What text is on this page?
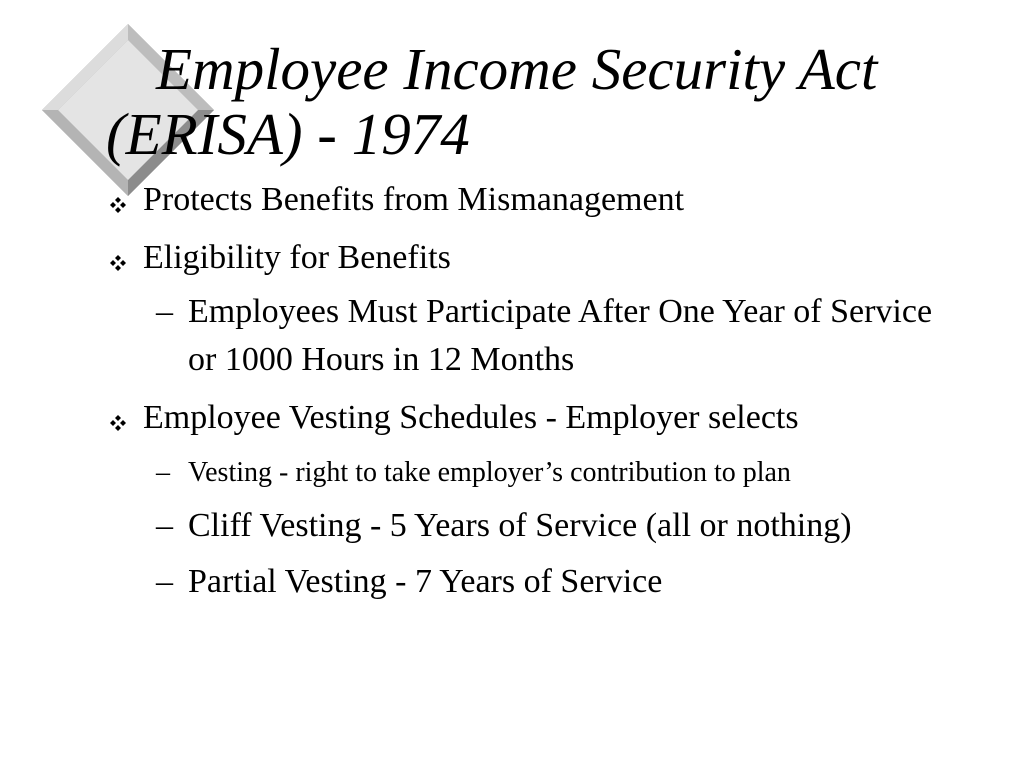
Employee Income Security Act (ERISA) - 1974
Protects Benefits from Mismanagement
Eligibility for Benefits
– Employees Must Participate After One Year of Service or 1000 Hours in 12 Months
Employee Vesting Schedules - Employer selects
– Vesting - right to take employer’s contribution to plan
– Cliff Vesting - 5 Years of Service (all or nothing)
– Partial Vesting - 7 Years of Service
